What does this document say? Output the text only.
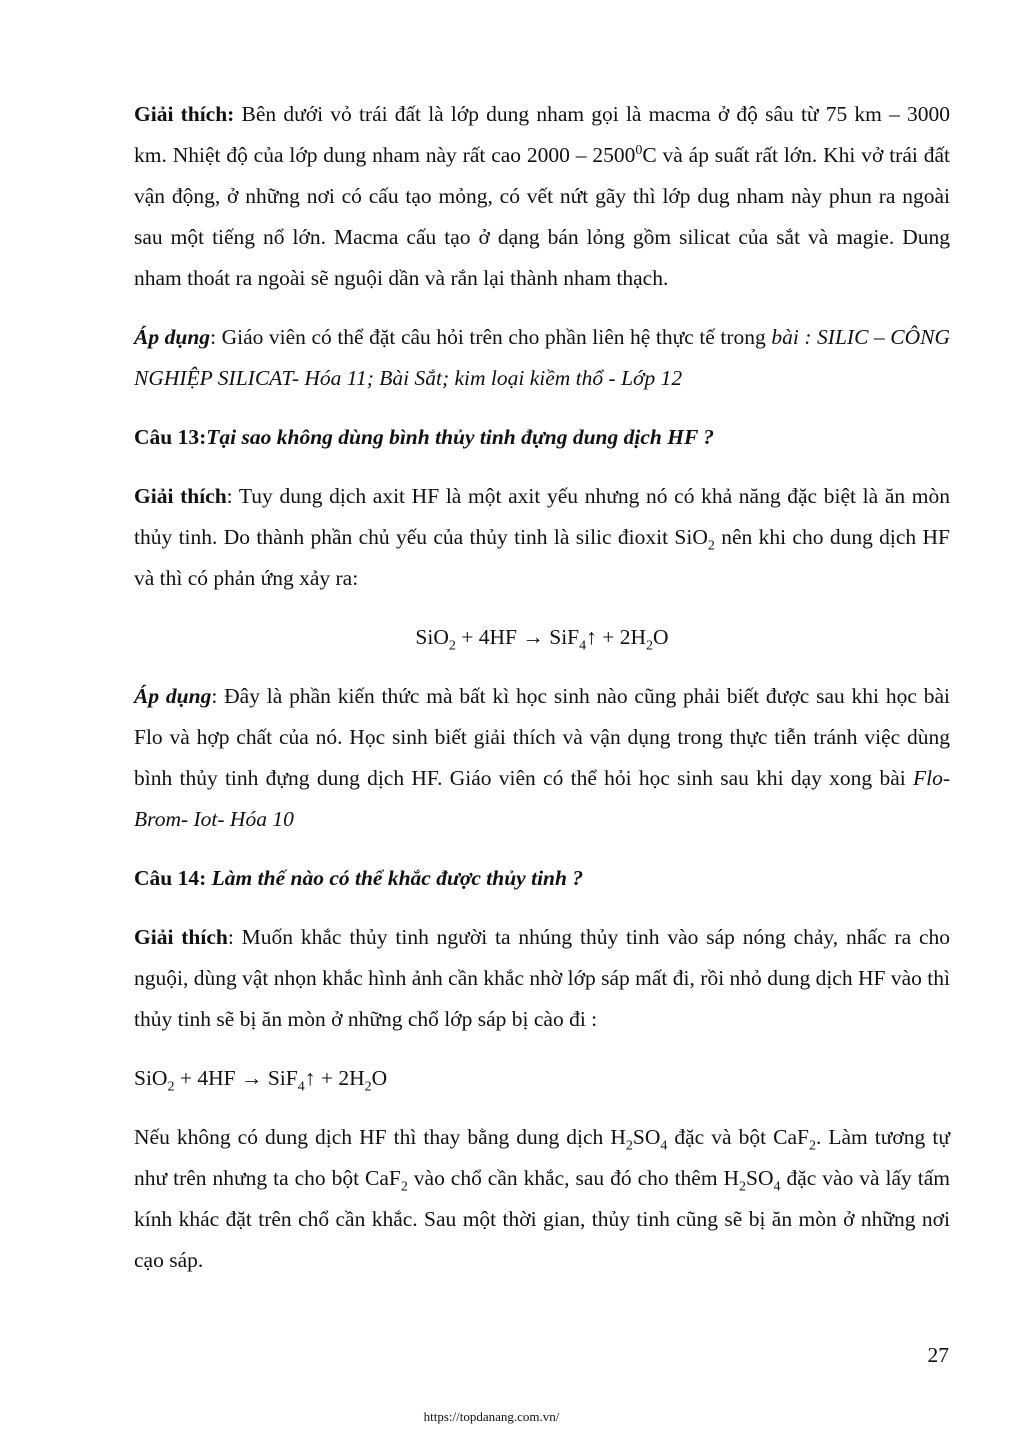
Giải thích: Bên dưới vỏ trái đất là lớp dung nham gọi là macma ở độ sâu từ 75 km – 3000 km. Nhiệt độ của lớp dung nham này rất cao 2000 – 2500$^0$C và áp suất rất lớn. Khi vở trái đất vận động, ở những nơi có cấu tạo mỏng, có vết nứt gãy thì lớp dug nham này phun ra ngoài sau một tiếng nổ lớn. Macma cấu tạo ở dạng bán lỏng gồm silicat của sắt và magie. Dung nham thoát ra ngoài sẽ nguội dần và rắn lại thành nham thạch.

Áp dụng: Giáo viên có thể đặt câu hỏi trên cho phần liên hệ thực tế trong bài : SILIC – CÔNG NGHIỆP SILICAT- Hóa 11; Bài Sắt; kim loại kiềm thổ - Lớp 12

Câu 13:Tại sao không dùng bình thủy tinh đựng dung dịch HF ?

Giải thích: Tuy dung dịch axit HF là một axit yếu nhưng nó có khả năng đặc biệt là ăn mòn thủy tinh. Do thành phần chủ yếu của thủy tinh là silic đioxit SiO$_2$ nên khi cho dung dịch HF và thì có phản ứng xảy ra:

SiO$_2$ + 4HF → SiF$_4$↑ + $2H_2O$

Áp dụng: Đây là phần kiến thức mà bất kì học sinh nào cũng phải biết được sau khi học bài Flo và hợp chất của nó. Học sinh biết giải thích và vận dụng trong thực tiễn tránh việc dùng bình thủy tinh đựng dung dịch HF. Giáo viên có thể hỏi học sinh sau khi dạy xong bài Flo- Brom- Iot- Hóa 10

Câu 14: Làm thế nào có thể khắc được thủy tinh ?

Giải thích: Muốn khắc thủy tinh người ta nhúng thủy tinh vào sáp nóng chảy, nhấc ra cho nguội, dùng vật nhọn khắc hình ảnh cần khắc nhờ lớp sáp mất đi, rồi nhỏ dung dịch HF vào thì thủy tinh sẽ bị ăn mòn ở những chổ lớp sáp bị cào đi :

SiO$_2$ + 4HF → SiF$_4$↑ + $2H_2O$

Nếu không có dung dịch HF thì thay bằng dung dịch $H_2SO_4$ đặc và bột CaF$_2$. Làm tương tự như trên nhưng ta cho bột CaF$_2$ vào chổ cần khắc, sau đó cho thêm $H_2SO_4$ đặc vào và lấy tấm kính khác đặt trên chổ cần khắc. Sau một thời gian, thủy tinh cũng sẽ bị ăn mòn ở những nơi cạo sáp.

27
https://topdanang.com.vn/
